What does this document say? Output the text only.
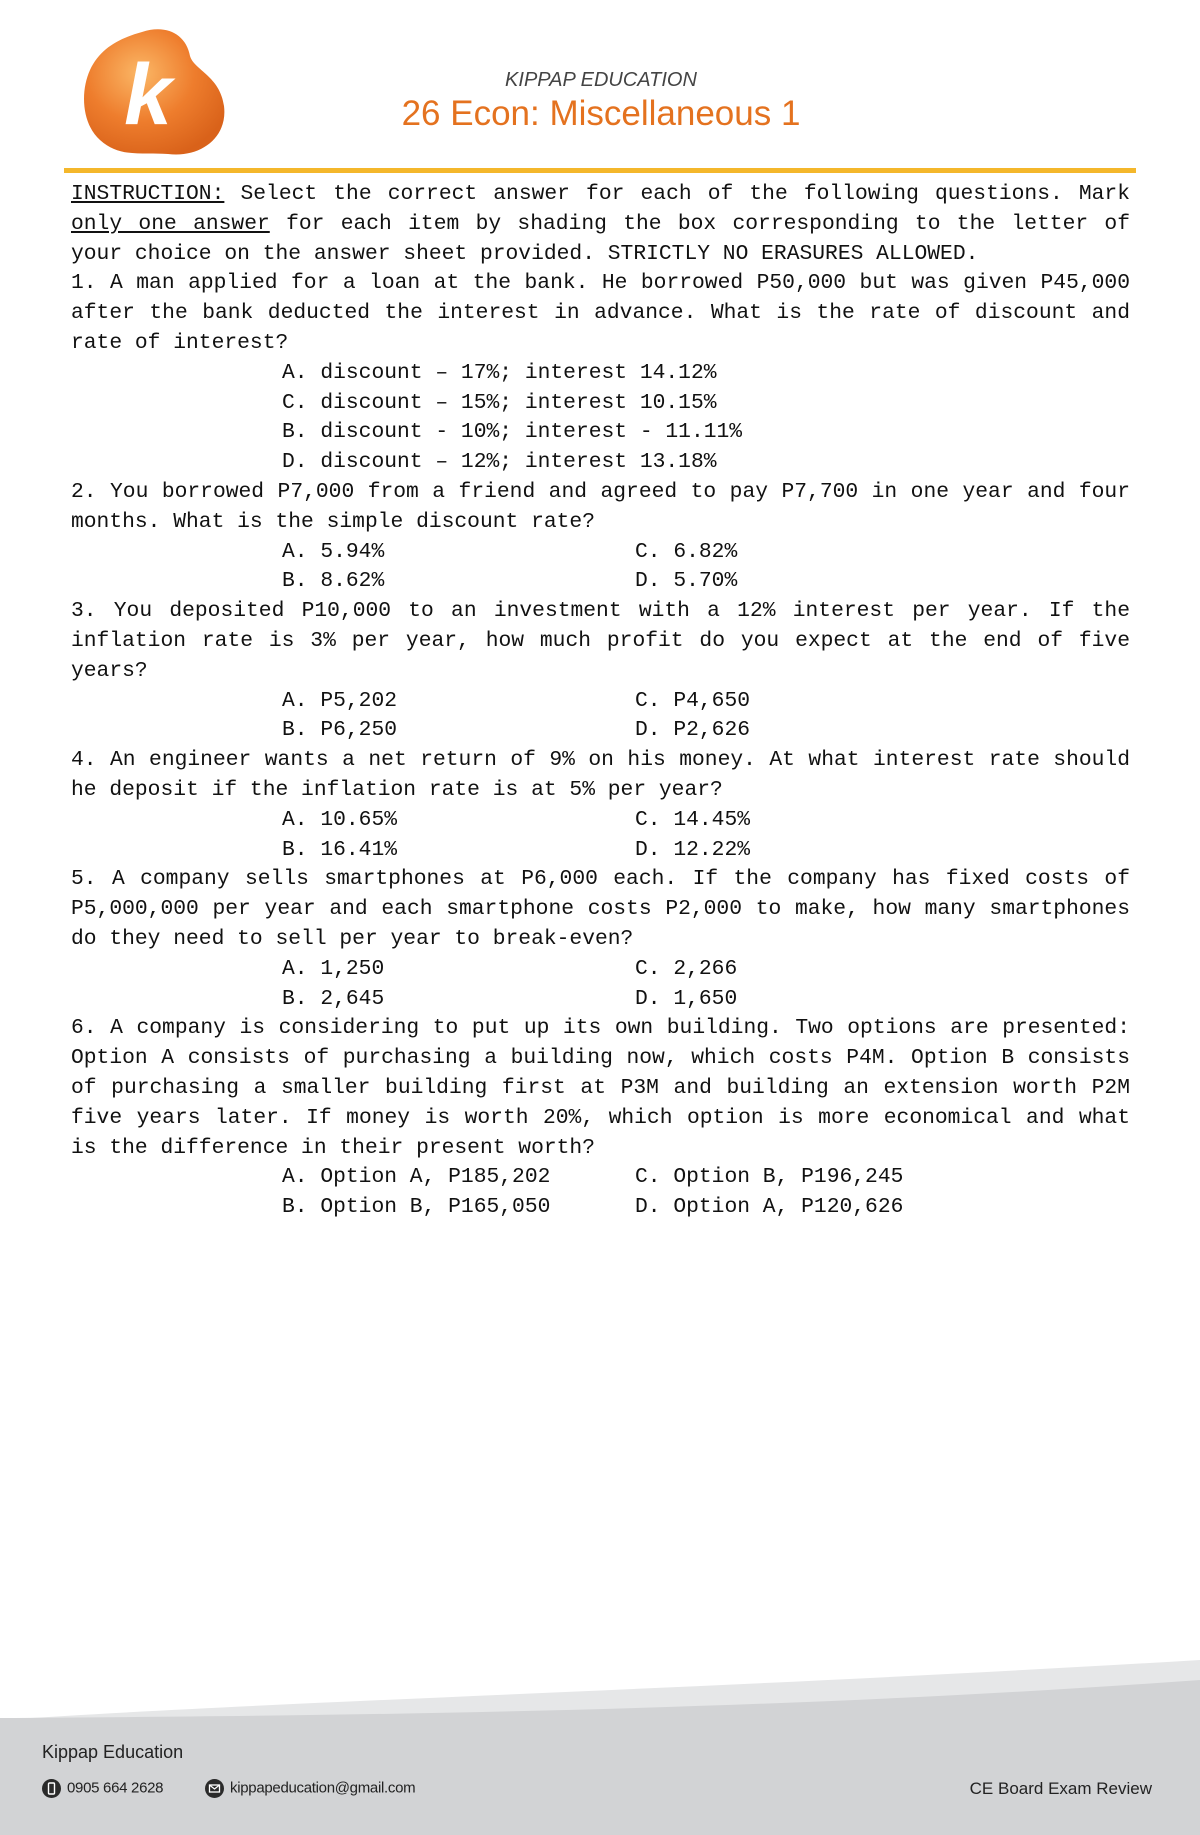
k	KIPPAP EDUCATION
26 Econ: Miscellaneous 1

INSTRUCTION: Select the correct answer for each of the following questions. Mark only one answer for each item by shading the box corresponding to the letter of your choice on the answer sheet provided. STRICTLY NO ERASURES ALLOWED.

1. A man applied for a loan at the bank. He borrowed P50,000 but was given P45,000 after the bank deducted the interest in advance. What is the rate of discount and rate of interest?

A. discount – 17%; interest 14.12%
C. discount – 15%; interest 10.15%
B. discount - 10%; interest - 11.11%
D. discount – 12%; interest 13.18%

2. You borrowed P7,000 from a friend and agreed to pay P7,700 in one year and four months. What is the simple discount rate?

A. 5.94%	C. 6.82%
B. 8.62%	D. 5.70%

3. You deposited P10,000 to an investment with a 12% interest per year. If the inflation rate is 3% per year, how much profit do you expect at the end of five years?

A. P5,202	C. P4,650
B. P6,250	D. P2,626

4. An engineer wants a net return of 9% on his money. At what interest rate should he deposit if the inflation rate is at 5% per year?

A. 10.65%	C. 14.45%
B. 16.41%	D. 12.22%

5. A company sells smartphones at P6,000 each. If the company has fixed costs of P5,000,000 per year and each smartphone costs P2,000 to make, how many smartphones do they need to sell per year to break-even?

A. 1,250	C. 2,266
B. 2,645	D. 1,650

6. A company is considering to put up its own building. Two options are presented: Option A consists of purchasing a building now, which costs P4M. Option B consists of purchasing a smaller building first at P3M and building an extension worth P2M five years later. If money is worth 20%, which option is more economical and what is the difference in their present worth?

A. Option A, P185,202	C. Option B, P196,245
B. Option B, P165,050	D. Option A, P120,626
Kippap Education
0905 664 2628	kippapeducation@gmail.com	CE Board Exam Review
